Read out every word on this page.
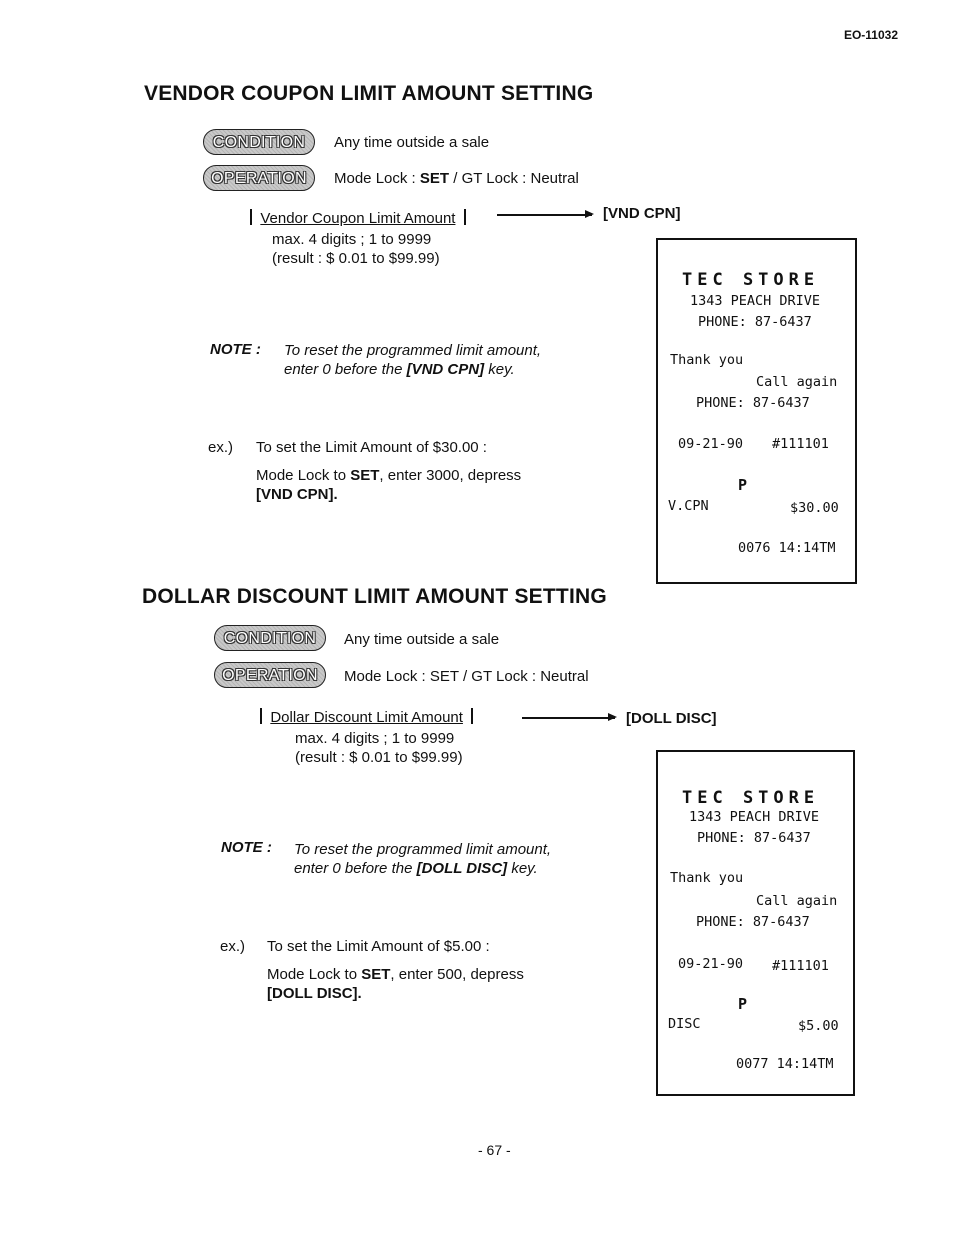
EO-11032
VENDOR COUPON LIMIT AMOUNT SETTING
CONDITION	Any time outside a sale
OPERATION	Mode Lock : SET / GT Lock : Neutral
Vendor Coupon Limit Amount	[VND CPN]
max. 4 digits ; 1 to 9999
(result : $ 0.01 to $99.99)
NOTE : To reset the programmed limit amount,
enter 0 before the [VND CPN] key.
ex.) To set the Limit Amount of $30.00 :
Mode Lock to SET, enter 3000, depress
[VND CPN].
TEC STORE
1343 PEACH DRIVE
PHONE: 87-6437
Thank you
Call again
PHONE: 87-6437
09-21-90 #111101
P
V.CPN	$30.00
0076 14:14TM
DOLLAR DISCOUNT LIMIT AMOUNT SETTING
CONDITION	Any time outside a sale
OPERATION	Mode Lock : SET / GT Lock : Neutral
Dollar Discount Limit Amount	[DOLL DISC]
max. 4 digits ; 1 to 9999
(result : $ 0.01 to $99.99)
NOTE : To reset the programmed limit amount,
enter 0 before the [DOLL DISC] key.
ex.) To set the Limit Amount of $5.00 :
Mode Lock to SET, enter 500, depress
[DOLL DISC].
TEC STORE
1343 PEACH DRIVE
PHONE: 87-6437
Thank you
Call again
PHONE: 87-6437
09-21-90 #111101
P
DISC	$5.00
0077 14:14TM
- 67 -
